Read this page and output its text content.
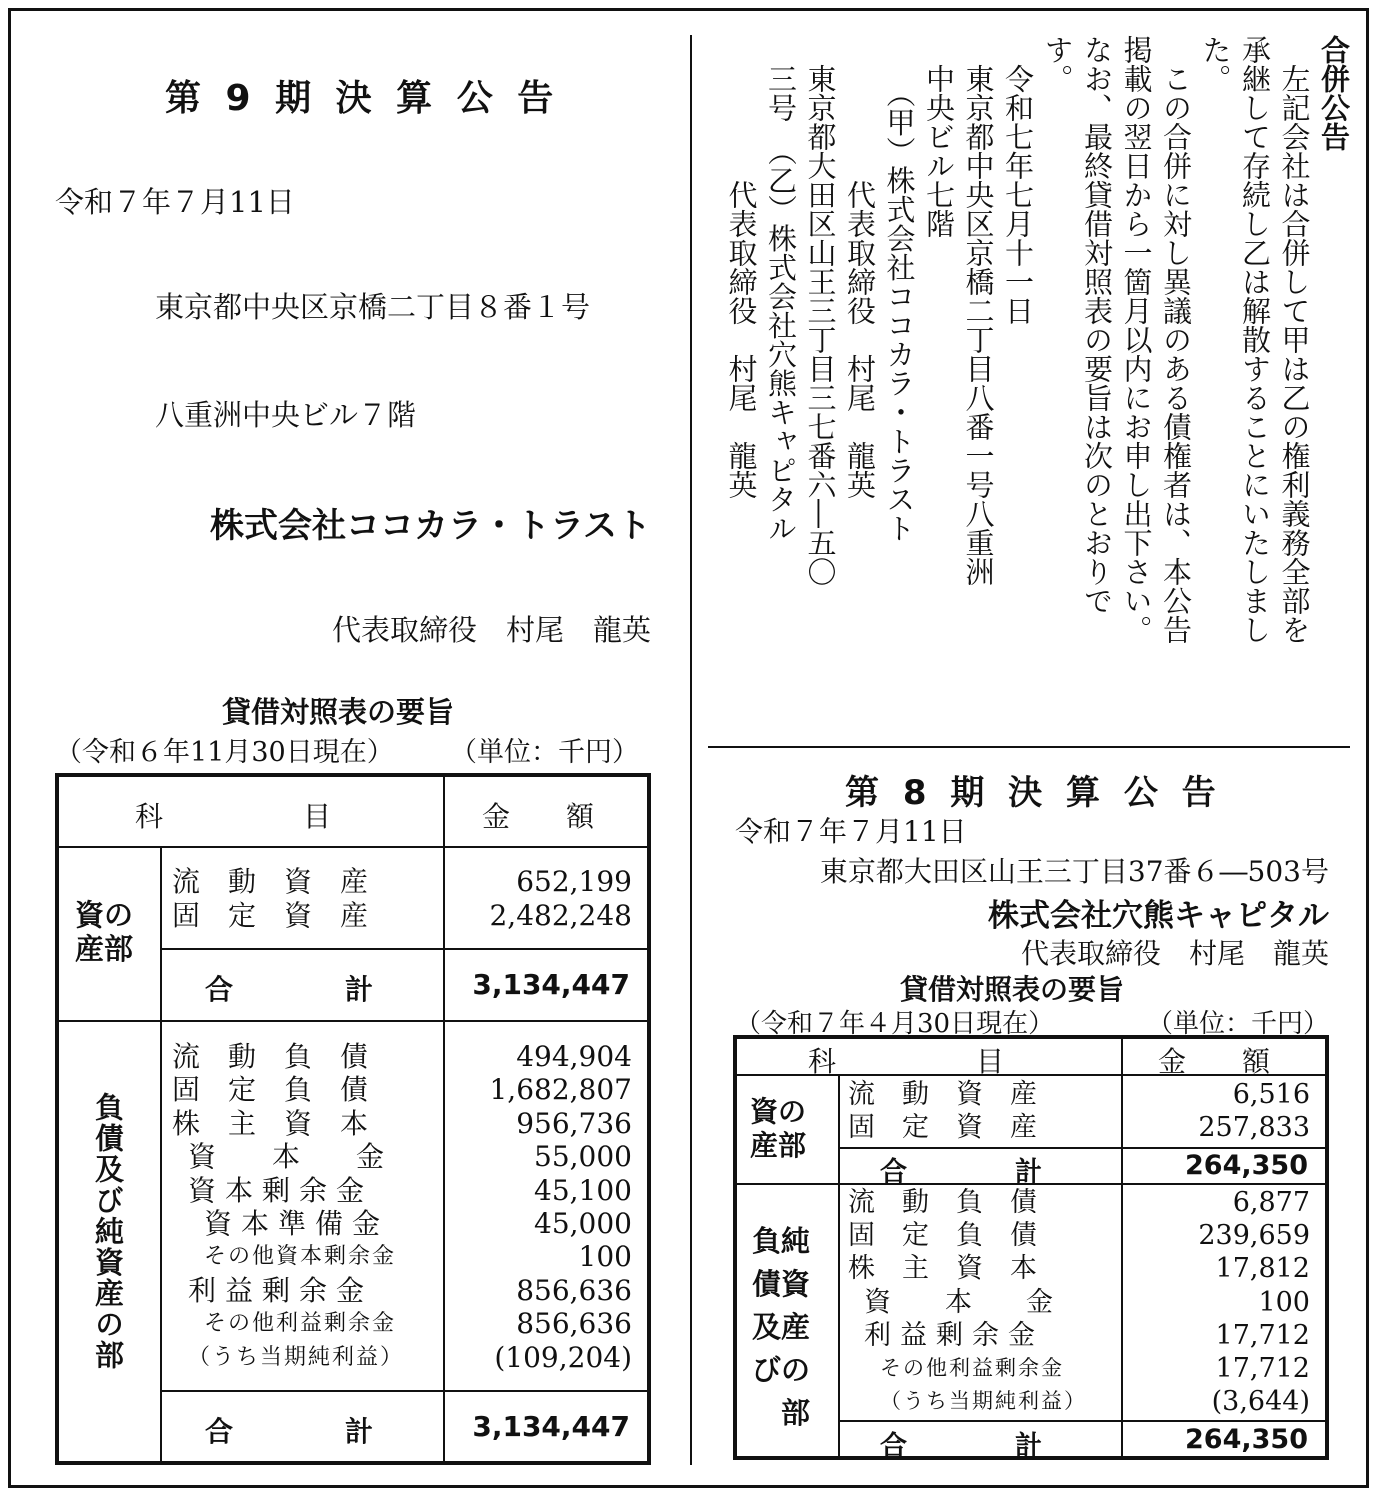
第 9 期 決 算 公 告
令和７年７月11日
東京都中央区京橋二丁目８番１号
八重洲中央ビル７階
株式会社ココカラ・トラスト
代表取締役　村尾　龍英
貸借対照表の要旨
（令和６年11月30日現在） （単位：千円）
科　　　　　目	金　　額
資の
産部
流　動　資　産	652,199
固　定　資　産	2,482,248
合　　　　計	3,134,447
負債及び純資産の部
流　動　負　債	494,904
固　定　負　債	1,682,807
株　主　資　本	956,736
資　　本　　金	55,000
資本剰余金	45,100
資本準備金	45,000
その他資本剰余金	100
利益剰余金	856,636
その他利益剰余金	856,636
（うち当期純利益）	(109,204)
合　　　　計	3,134,447
合併公告
　左記会社は合併して甲は乙の権利義務全部を
承継して存続し乙は解散することにいたしまし
た。
　この合併に対し異議のある債権者は、本公告
掲載の翌日から一箇月以内にお申し出下さい。
なお、最終貸借対照表の要旨は次のとおりで
す。
　令和七年七月十一日
　東京都中央区京橋二丁目八番一号八重洲
　中央ビル七階
　　（甲）株式会社ココカラ・トラスト
　　　　　代表取締役　村尾　龍英
　東京都大田区山王三丁目三七番六―五〇
　三号　（乙）株式会社穴熊キャピタル
　　　　　代表取締役　村尾　龍英
第 8 期 決 算 公 告
令和７年７月11日
東京都大田区山王三丁目37番６―503号
株式会社穴熊キャピタル
代表取締役　村尾　龍英
貸借対照表の要旨
（令和７年４月30日現在）	（単位：千円）
科　　　　　目	金　　額
資の
産部
流　動　資　産	6,516
固　定　資　産	257,833
合　　　　計	264,350
負純
債資
及産
びの
　部
流　動　負　債	6,877
固　定　負　債	239,659
株　主　資　本	17,812
資　　本　　金	100
利益剰余金	17,712
その他利益剰余金	17,712
（うち当期純利益）	(3,644)
合　　　　計	264,350
